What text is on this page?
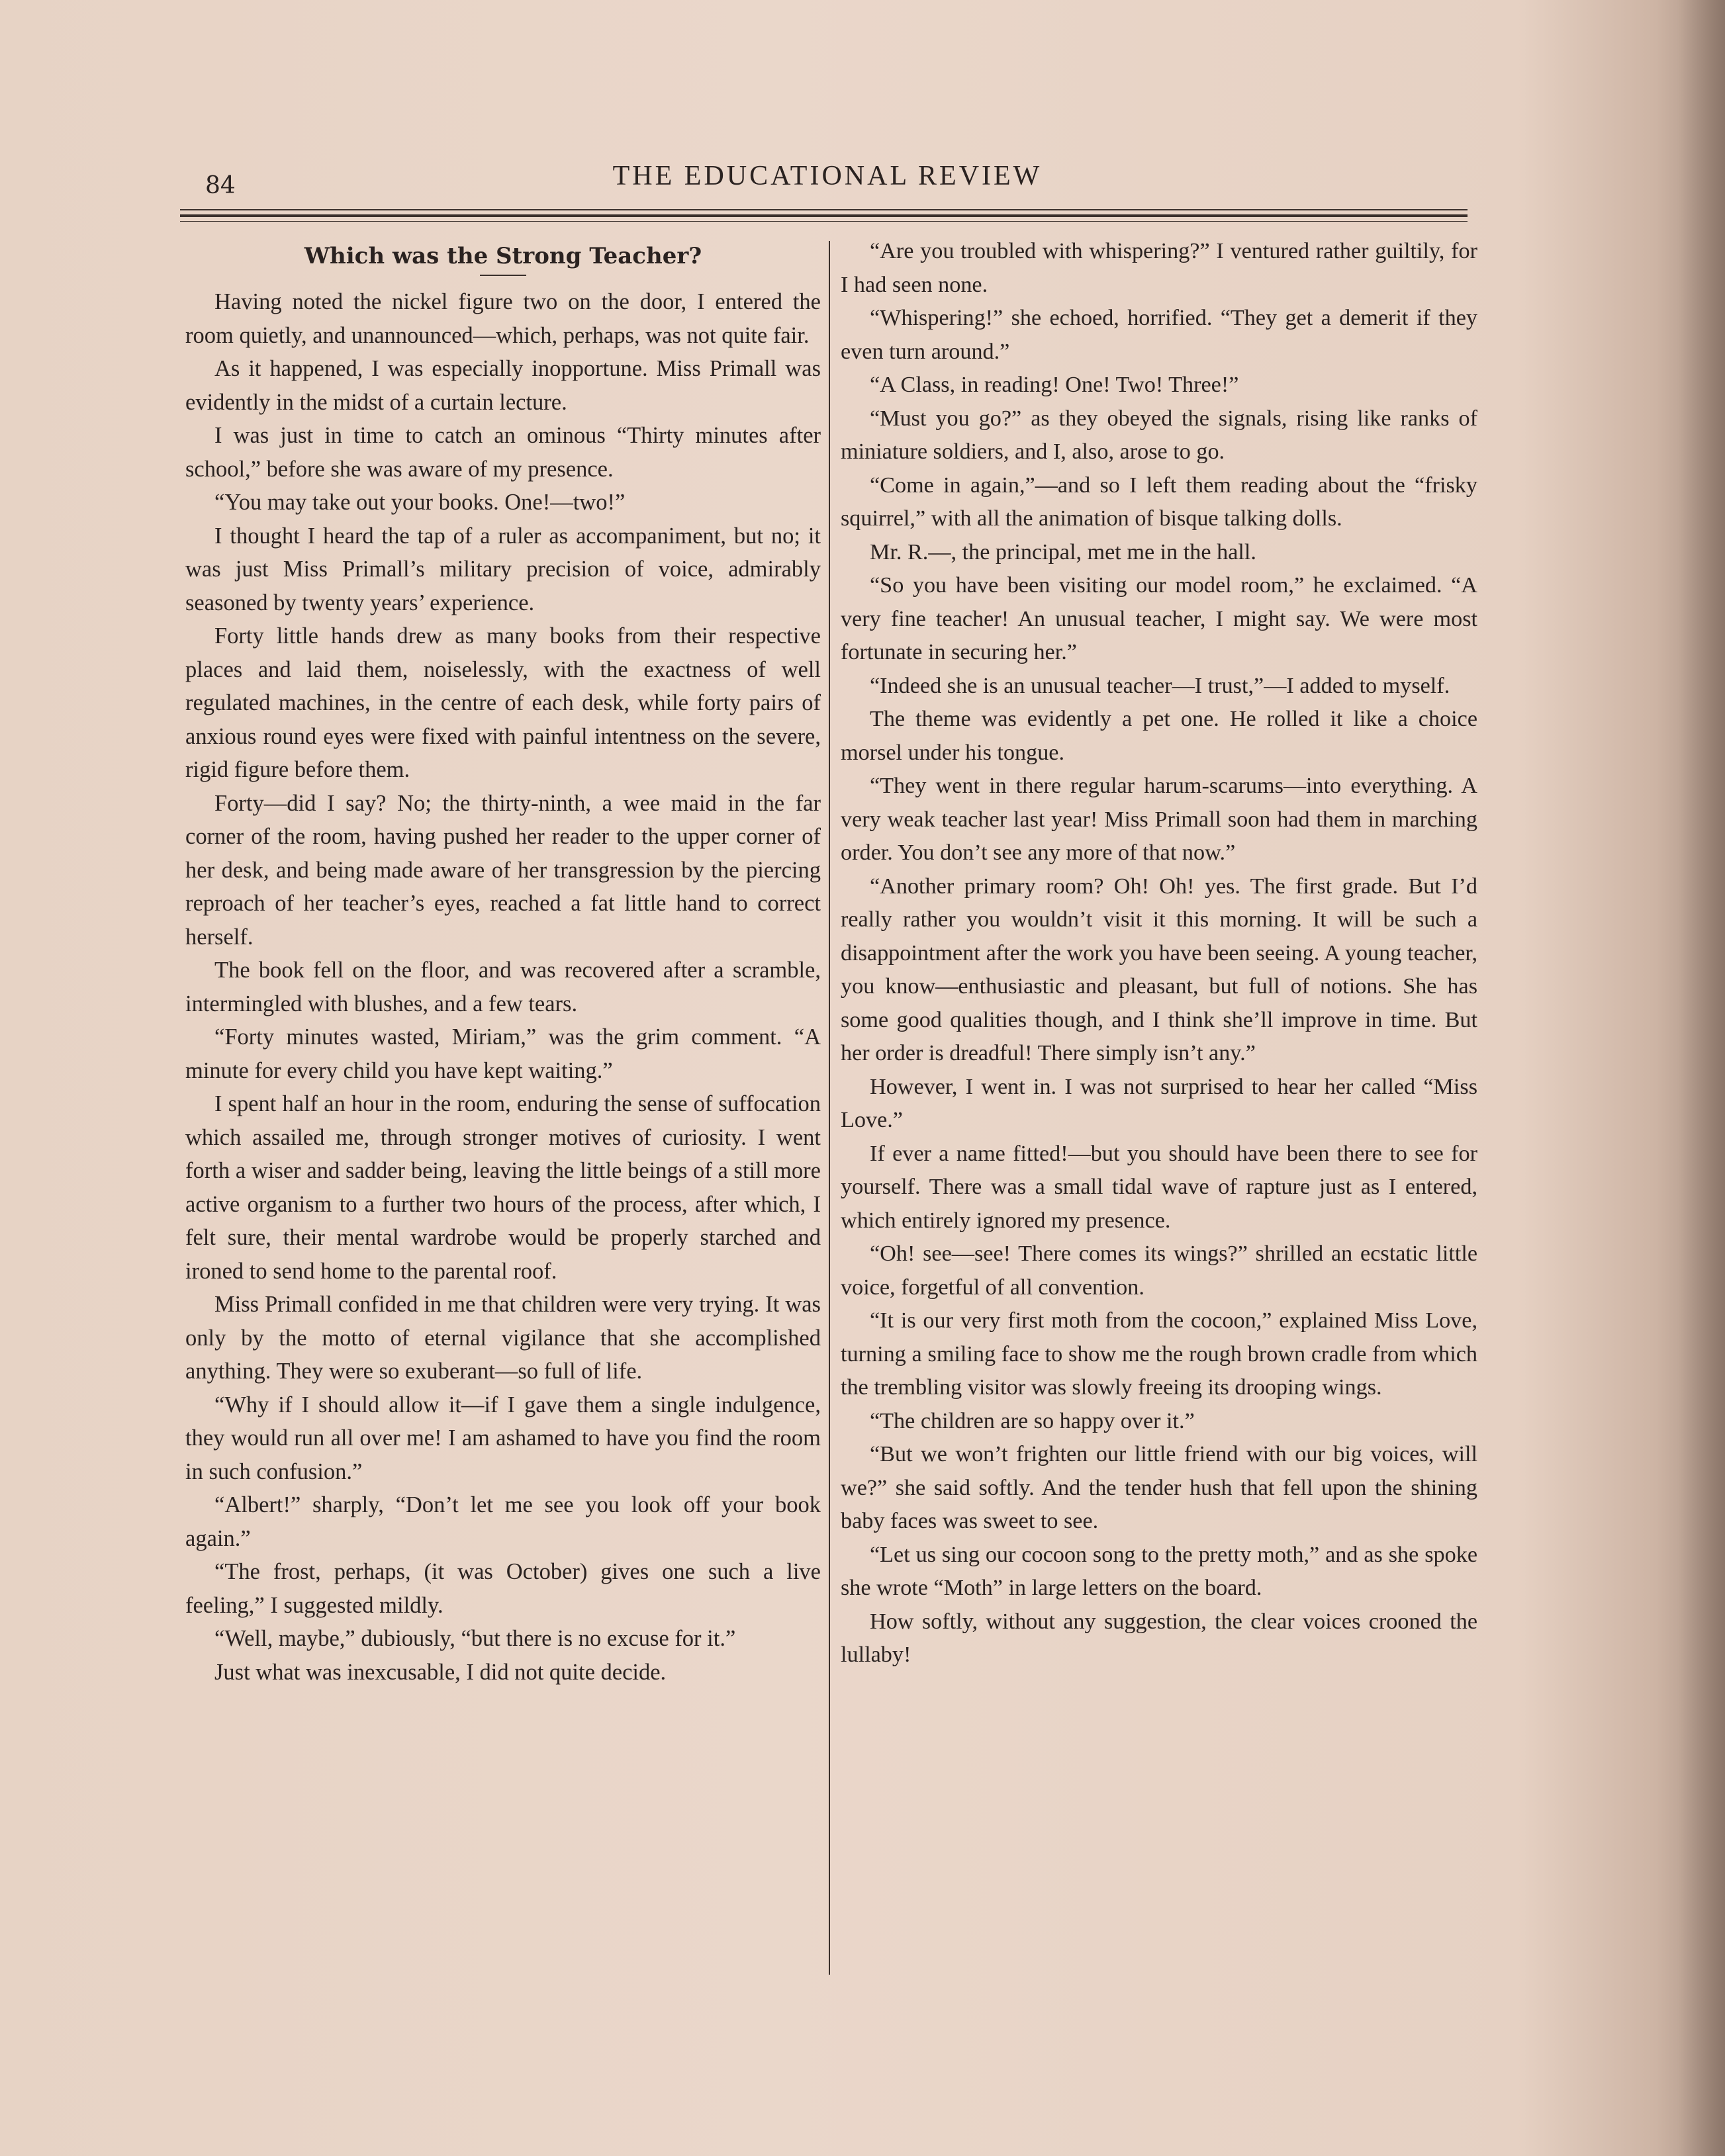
84	THE EDUCATIONAL REVIEW
Which was the Strong Teacher?

Having noted the nickel figure two on the door, I entered the room quietly, and unannounced—which, perhaps, was not quite fair.

As it happened, I was especially inopportune. Miss Primall was evidently in the midst of a curtain lecture.

I was just in time to catch an ominous “Thirty minutes after school,” before she was aware of my presence.

“You may take out your books. One!—two!”

I thought I heard the tap of a ruler as accompaniment, but no; it was just Miss Primall’s military precision of voice, admirably seasoned by twenty years’ experience.

Forty little hands drew as many books from their respective places and laid them, noiselessly, with the exactness of well regulated machines, in the centre of each desk, while forty pairs of anxious round eyes were fixed with painful intentness on the severe, rigid figure before them.

Forty—did I say? No; the thirty-ninth, a wee maid in the far corner of the room, having pushed her reader to the upper corner of her desk, and being made aware of her transgression by the piercing reproach of her teacher’s eyes, reached a fat little hand to correct herself.

The book fell on the floor, and was recovered after a scramble, intermingled with blushes, and a few tears.

“Forty minutes wasted, Miriam,” was the grim comment. “A minute for every child you have kept waiting.”

I spent half an hour in the room, enduring the sense of suffocation which assailed me, through stronger motives of curiosity. I went forth a wiser and sadder being, leaving the little beings of a still more active organism to a further two hours of the process, after which, I felt sure, their mental wardrobe would be properly starched and ironed to send home to the parental roof.

Miss Primall confided in me that children were very trying. It was only by the motto of eternal vigilance that she accomplished anything. They were so exuberant—so full of life.

“Why if I should allow it—if I gave them a single indulgence, they would run all over me! I am ashamed to have you find the room in such confusion.”

“Albert!” sharply, “Don’t let me see you look off your book again.”

“The frost, perhaps, (it was October) gives one such a live feeling,” I suggested mildly.

“Well, maybe,” dubiously, “but there is no excuse for it.”

Just what was inexcusable, I did not quite decide.

“Are you troubled with whispering?” I ventured rather guiltily, for I had seen none.

“Whispering!” she echoed, horrified. “They get a demerit if they even turn around.”

“A Class, in reading! One! Two! Three!”

“Must you go?” as they obeyed the signals, rising like ranks of miniature soldiers, and I, also, arose to go.

“Come in again,”—and so I left them reading about the “frisky squirrel,” with all the animation of bisque talking dolls.

Mr. R.—, the principal, met me in the hall.

“So you have been visiting our model room,” he exclaimed. “A very fine teacher! An unusual teacher, I might say. We were most fortunate in securing her.”

“Indeed she is an unusual teacher—I trust,”—I added to myself.

The theme was evidently a pet one. He rolled it like a choice morsel under his tongue.

“They went in there regular harum-scarums—into everything. A very weak teacher last year! Miss Primall soon had them in marching order. You don’t see any more of that now.”

“Another primary room? Oh! Oh! yes. The first grade. But I’d really rather you wouldn’t visit it this morning. It will be such a disappointment after the work you have been seeing. A young teacher, you know—enthusiastic and pleasant, but full of notions. She has some good qualities though, and I think she’ll improve in time. But her order is dreadful! There simply isn’t any.”

However, I went in. I was not surprised to hear her called “Miss Love.”

If ever a name fitted!—but you should have been there to see for yourself. There was a small tidal wave of rapture just as I entered, which entirely ignored my presence.

“Oh! see—see! There comes its wings?” shrilled an ecstatic little voice, forgetful of all convention.

“It is our very first moth from the cocoon,” explained Miss Love, turning a smiling face to show me the rough brown cradle from which the trembling visitor was slowly freeing its drooping wings.

“The children are so happy over it.”

“But we won’t frighten our little friend with our big voices, will we?” she said softly. And the tender hush that fell upon the shining baby faces was sweet to see.

“Let us sing our cocoon song to the pretty moth,” and as she spoke she wrote “Moth” in large letters on the board.

How softly, without any suggestion, the clear voices crooned the lullaby!
